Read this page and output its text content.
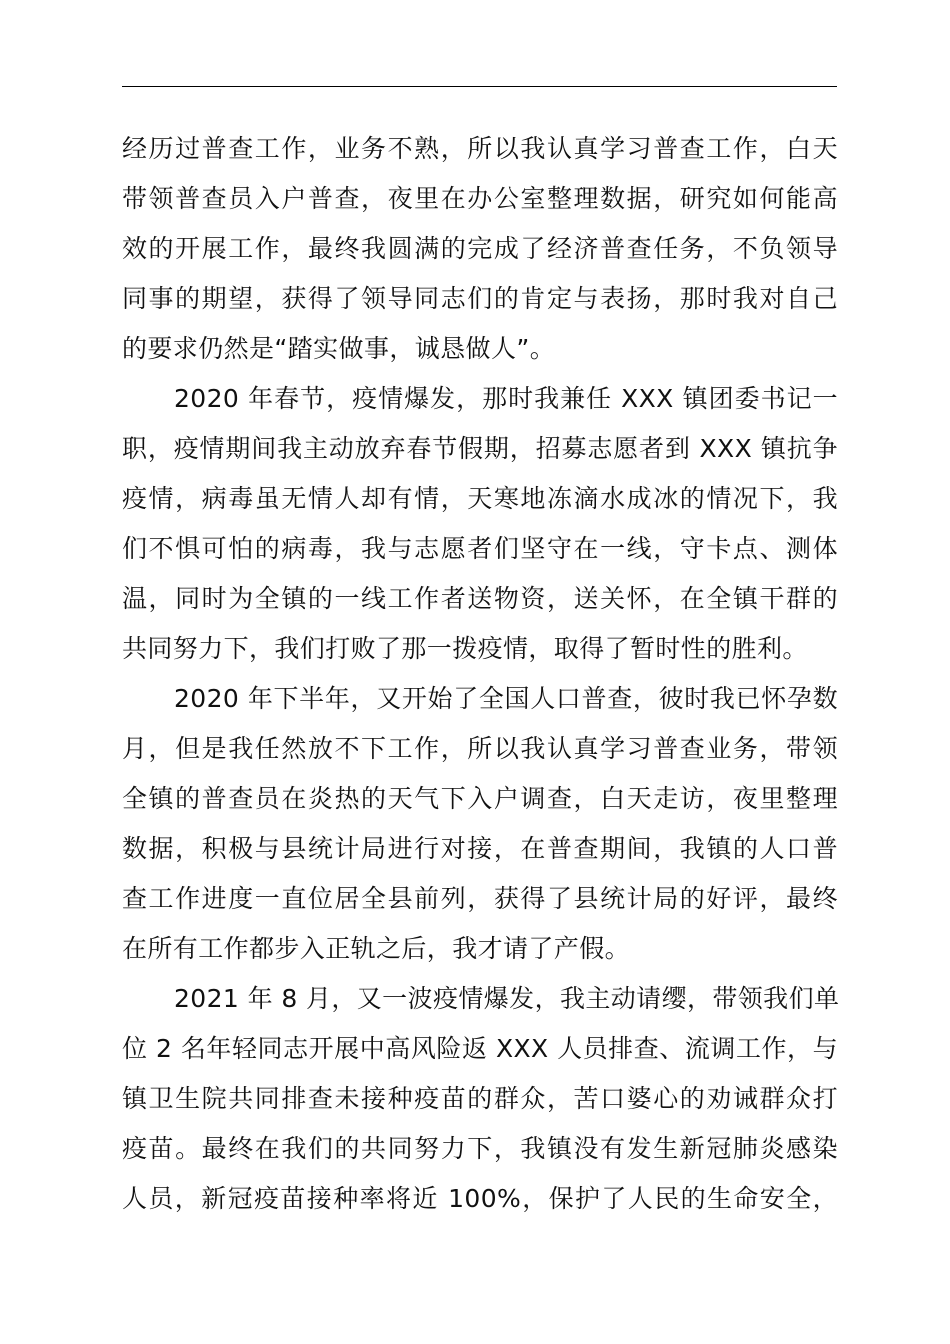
经历过普查工作，业务不熟，所以我认真学习普查工作，白天
带领普查员入户普查，夜里在办公室整理数据，研究如何能高
效的开展工作，最终我圆满的完成了经济普查任务，不负领导
同事的期望，获得了领导同志们的肯定与表扬，那时我对自己
的要求仍然是“踏实做事，诚恳做人”。
2020 年春节，疫情爆发，那时我兼任 XXX 镇团委书记一
职，疫情期间我主动放弃春节假期，招募志愿者到 XXX 镇抗争
疫情，病毒虽无情人却有情，天寒地冻滴水成冰的情况下，我
们不惧可怕的病毒，我与志愿者们坚守在一线，守卡点、测体
温，同时为全镇的一线工作者送物资，送关怀，在全镇干群的
共同努力下，我们打败了那一拨疫情，取得了暂时性的胜利。
2020 年下半年，又开始了全国人口普查，彼时我已怀孕数
月，但是我任然放不下工作，所以我认真学习普查业务，带领
全镇的普查员在炎热的天气下入户调查，白天走访，夜里整理
数据，积极与县统计局进行对接，在普查期间，我镇的人口普
查工作进度一直位居全县前列，获得了县统计局的好评，最终
在所有工作都步入正轨之后，我才请了产假。
2021 年 8 月，又一波疫情爆发，我主动请缨，带领我们单
位 2 名年轻同志开展中高风险返 XXX 人员排查、流调工作，与
镇卫生院共同排查未接种疫苗的群众，苦口婆心的劝诫群众打
疫苗。最终在我们的共同努力下，我镇没有发生新冠肺炎感染
人员，新冠疫苗接种率将近 100%，保护了人民的生命安全，
